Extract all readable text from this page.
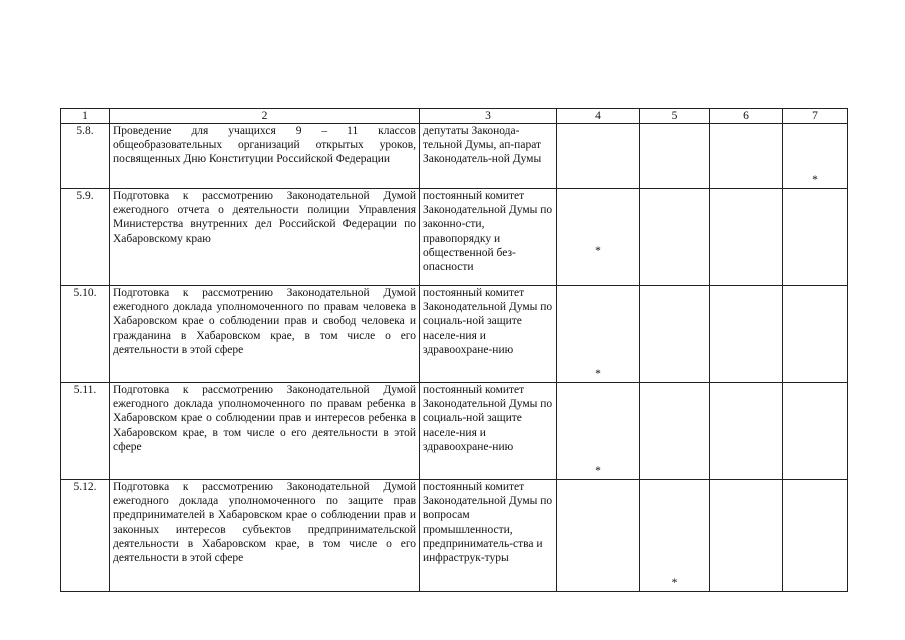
1	2	3	4	5	6	7
5.8.	Проведение для учащихся 9 – 11 классов общеобразовательных организаций открытых уроков, посвященных Дню Конституции Российской Федерации	депутаты Законода-тельной Думы, ап-парат Законодатель-ной Думы				*
5.9.	Подготовка к рассмотрению Законодательной Думой ежегодного отчета о деятельности полиции Управления Министерства внутренних дел Российской Федерации по Хабаровскому краю	постоянный комитет Законодательной Думы по законно-сти, правопорядку и общественной без-опасности	*			
5.10.	Подготовка к рассмотрению Законодательной Думой ежегодного доклада уполномоченного по правам человека в Хабаровском крае о соблюдении прав и свобод человека и гражданина в Хабаровском крае, в том числе о его деятельности в этой сфере	постоянный комитет Законодательной Думы по социаль-ной защите населе-ния и здравоохране-нию	*			
5.11.	Подготовка к рассмотрению Законодательной Думой ежегодного доклада уполномоченного по правам ребенка в Хабаровском крае о соблюдении прав и интересов ребенка в Хабаровском крае, в том числе о его деятельности в этой сфере	постоянный комитет Законодательной Думы по социаль-ной защите населе-ния и здравоохране-нию	*			
5.12.	Подготовка к рассмотрению Законодательной Думой ежегодного доклада уполномоченного по защите прав предпринимателей в Хабаровском крае о соблюдении прав и законных интересов субъектов предпринимательской деятельности в Хабаровском крае, в том числе о его деятельности в этой сфере	постоянный комитет Законодательной Думы по вопросам промышленности, предприниматель-ства и инфраструк-туры		*		
